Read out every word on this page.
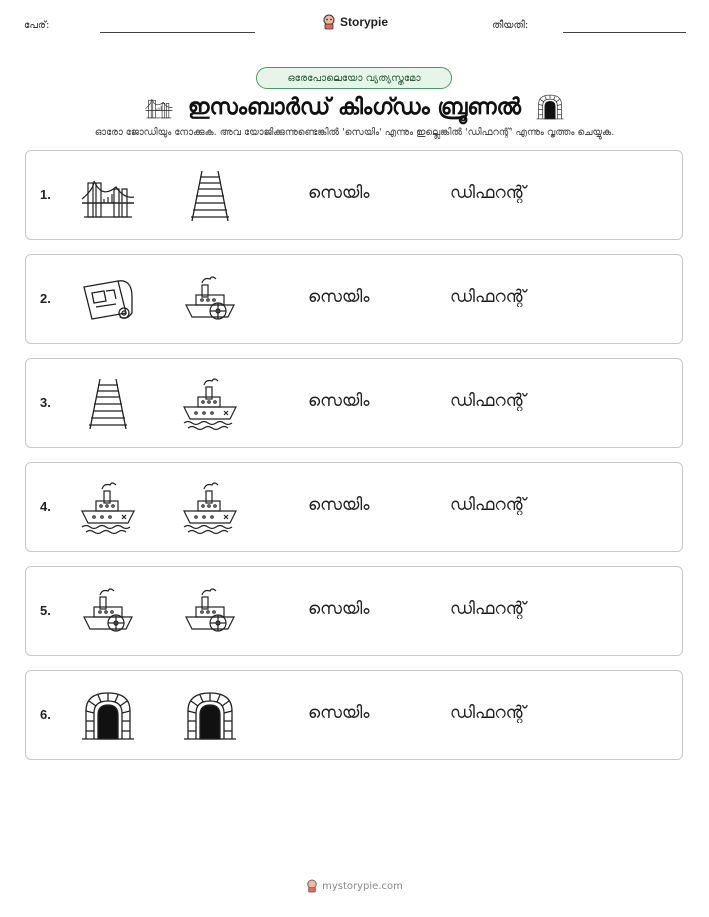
പേര്:	Storypie	തീയതി:
ഒരേപോലെയോ വ്യത്യസ്തമോ
ഇസംബാർഡ് കിംഗ്ഡം ബ്രൂണൽ
ഓരോ ജോഡിയും നോക്കുക. അവ യോജിക്കുന്നുണ്ടെങ്കിൽ 'സെയിം' എന്നും ഇല്ലെങ്കിൽ 'ഡിഫറന്റ്' എന്നും വൃത്തം ചെയ്യുക.
1.	സെയിം	ഡിഫറന്റ്
2.	സെയിം	ഡിഫറന്റ്
3.	സെയിം	ഡിഫറന്റ്
4.	സെയിം	ഡിഫറന്റ്
5.	സെയിം	ഡിഫറന്റ്
6.	സെയിം	ഡിഫറന്റ്
mystorypie.com
